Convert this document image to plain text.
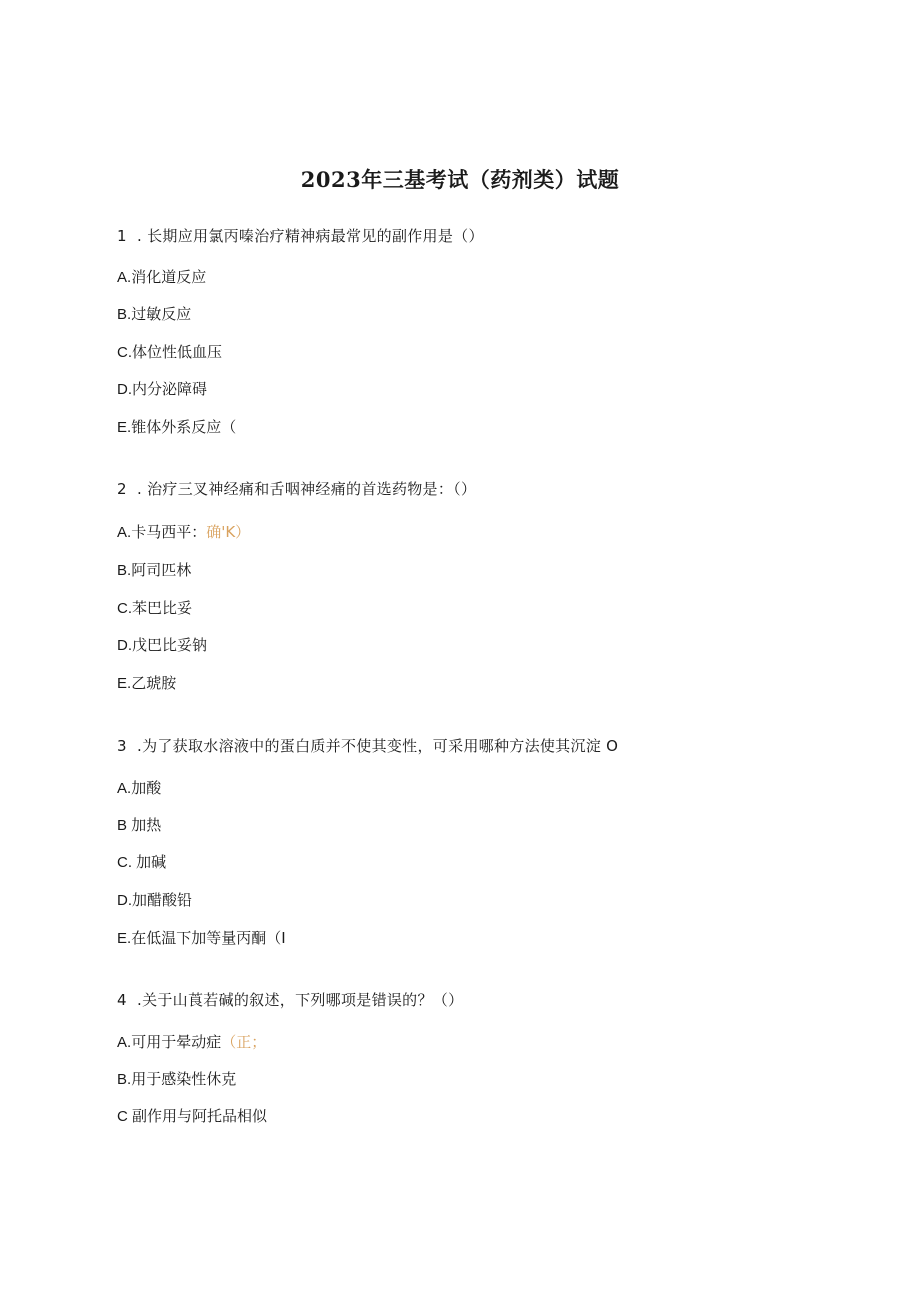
2023年三基考试（药剂类）试题
1 . 长期应用氯丙嗪治疗精神病最常见的副作用是（）
A.消化道反应
B.过敏反应
C.体位性低血压
D.内分泌障碍
E.锥体外系反应（
2 . 治疗三叉神经痛和舌咽神经痛的首选药物是：（）
A.卡马西平：确'K）
B.阿司匹林
C.苯巴比妥
D.戊巴比妥钠
E.乙琥胺
3 .为了获取水溶液中的蛋白质并不使其变性，可采用哪种方法使其沉淀 O
A.加酸
B 加热
C. 加碱
D.加醋酸铅
E.在低温下加等量丙酮（I
4 .关于山莨若碱的叙述，下列哪项是错误的？（）
A.可用于晕动症（正；
B.用于感染性休克
C 副作用与阿托品相似
